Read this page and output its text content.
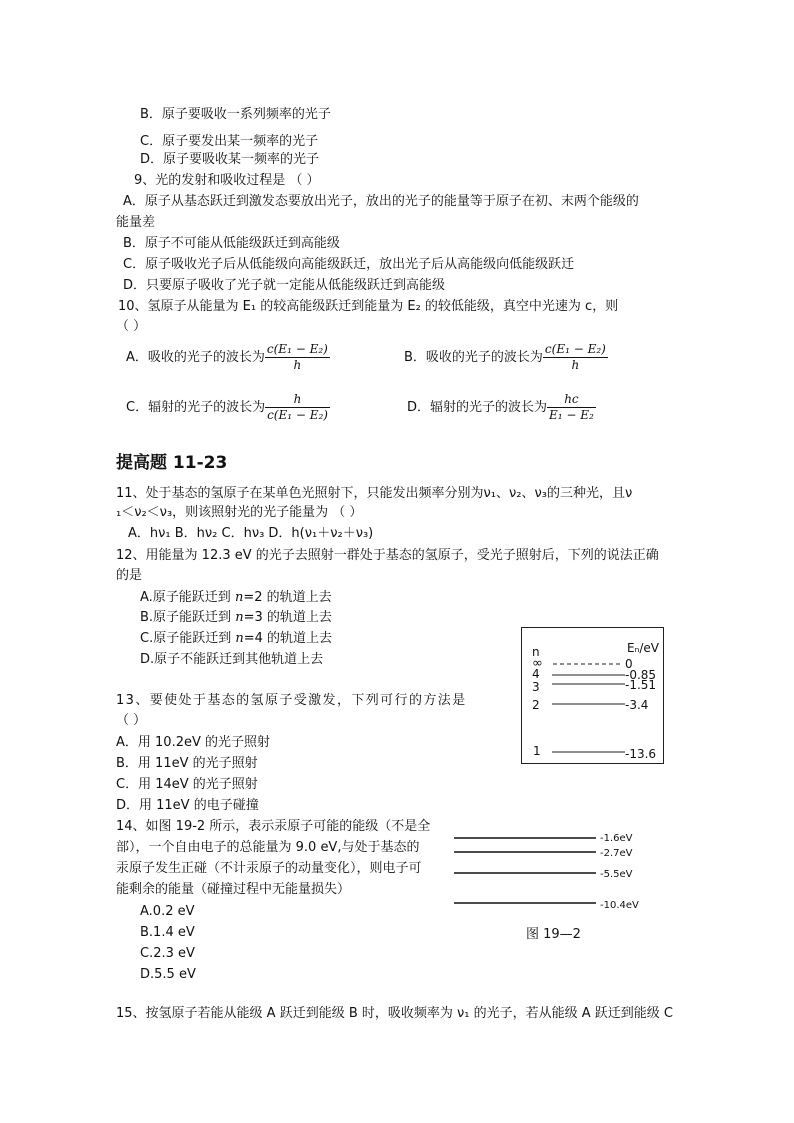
B．原子要吸收一系列频率的光子
C．原子要发出某一频率的光子
D．原子要吸收某一频率的光子
9、光的发射和吸收过程是 （ ）
A．原子从基态跃迁到激发态要放出光子，放出的光子的能量等于原子在初、末两个能级的
能量差
B．原子不可能从低能级跃迁到高能级
C．原子吸收光子后从低能级向高能级跃迁，放出光子后从高能级向低能级跃迁
D．只要原子吸收了光子就一定能从低能级跃迁到高能级
10、氢原子从能量为 E₁ 的较高能级跃迁到能量为 E₂ 的较低能级，真空中光速为 c，则
（ ）
A．吸收的光子的波长为 $\frac{\text{c(E₁ − E₂)}}{h}$	B．吸收的光子的波长为 $\frac{\text{c(E₁ − E₂)}}{h}$
C．辐射的光子的波长为 $\frac{h}{\text{c(E₁ − E₂)}}$	D．辐射的光子的波长为 $\frac{hc}{\text{E₁ − E₂}}$
提高题 11-23
11、处于基态的氢原子在某单色光照射下，只能发出频率分别为ν₁、ν₂、ν₃的三种光，且ν
₁＜ν₂＜ν₃，则该照射光的光子能量为 （ ）
A．hν₁ B．hν₂ C．hν₃ D．h(ν₁＋ν₂＋ν₃)
12、用能量为 12.3 eV 的光子去照射一群处于基态的氢原子，受光子照射后，下列的说法正确
的是
A.原子能跃迁到 n=2 的轨道上去
B.原子能跃迁到 n=3 的轨道上去
C.原子能跃迁到 n=4 的轨道上去
D.原子不能跃迁到其他轨道上去	n	Eₙ/eV
∞	0
4	-0.85
3	-1.51
2	-3.4
1	-13.6
13、要使处于基态的氢原子受激发，下列可行的方法是
（ ）
A．用 10.2eV 的光子照射
B．用 11eV 的光子照射
C．用 14eV 的光子照射
D．用 11eV 的电子碰撞
14、如图 19-2 所示，表示汞原子可能的能级（不是全
部），一个自由电子的总能量为 9.0 eV,与处于基态的
汞原子发生正碰（不计汞原子的动量变化），则电子可
能剩余的能量（碰撞过程中无能量损失）
A.0.2 eV
B.1.4 eV
C.2.3 eV
D.5.5 eV
-1.6eV
-2.7eV
-5.5eV
-10.4eV
图 19—2
15、按氢原子若能从能级 A 跃迁到能级 B 时，吸收频率为 ν₁ 的光子，若从能级 A 跃迁到能级 C
